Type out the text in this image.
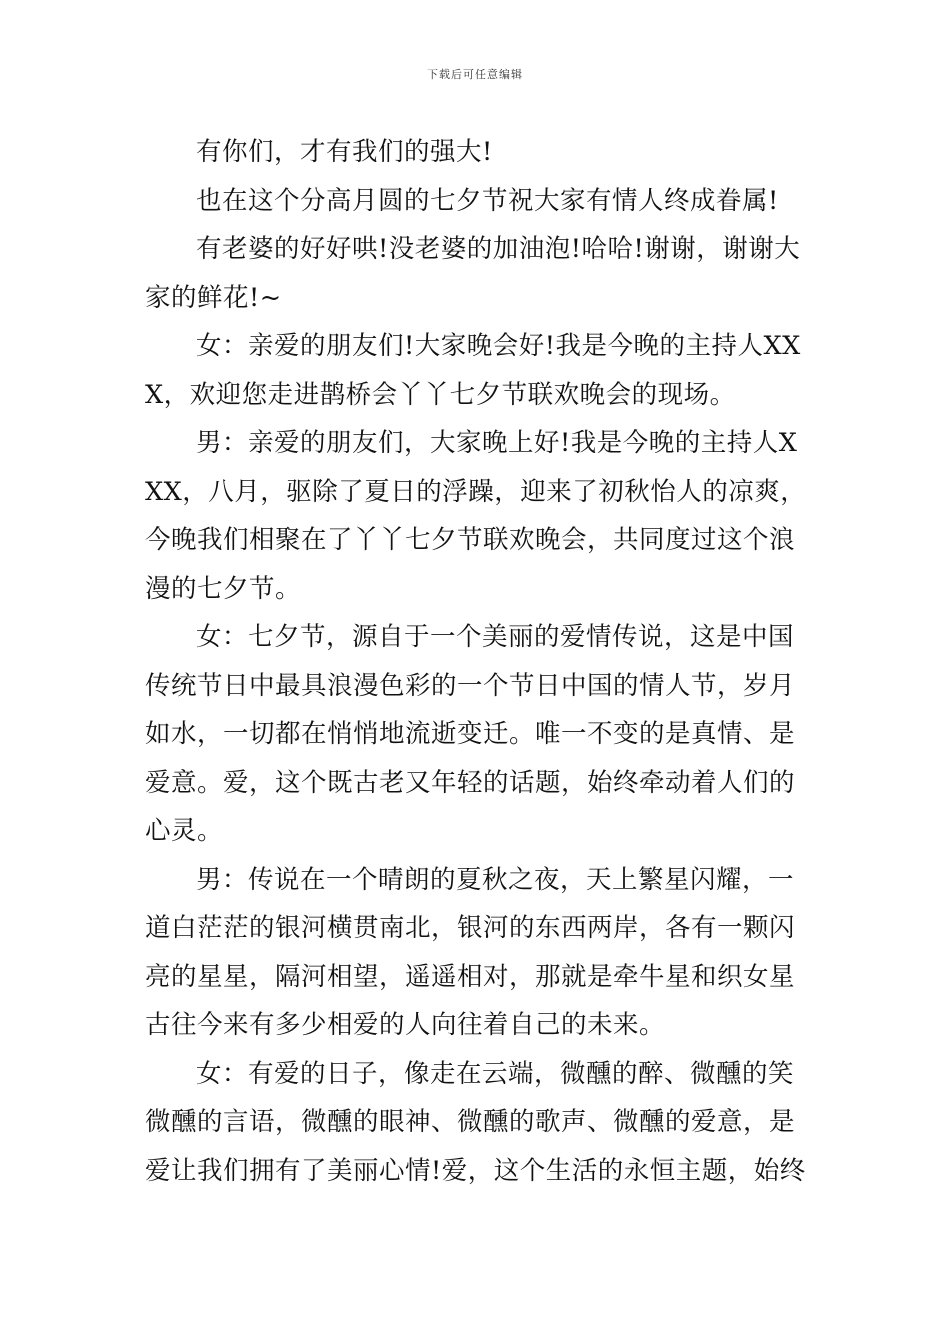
下载后可任意编辑

有你们，才有我们的强大!

也在这个分高月圆的七夕节祝大家有情人终成眷属!

有老婆的好好哄!没老婆的加油泡!哈哈!谢谢，谢谢大家的鲜花!~

女：亲爱的朋友们!大家晚会好!我是今晚的主持人XXX，欢迎您走进鹊桥会丫丫七夕节联欢晚会的现场。

男：亲爱的朋友们，大家晚上好!我是今晚的主持人XXX，八月，驱除了夏日的浮躁，迎来了初秋怡人的凉爽，今晚我们相聚在了丫丫七夕节联欢晚会，共同度过这个浪漫的七夕节。

女：七夕节，源自于一个美丽的爱情传说，这是中国传统节日中最具浪漫色彩的一个节日中国的情人节，岁月如水，一切都在悄悄地流逝变迁。唯一不变的是真情、是爱意。爱，这个既古老又年轻的话题，始终牵动着人们的心灵。

男：传说在一个晴朗的夏秋之夜，天上繁星闪耀，一道白茫茫的银河横贯南北，银河的东西两岸，各有一颗闪亮的星星，隔河相望，遥遥相对，那就是牵牛星和织女星古往今来有多少相爱的人向往着自己的未来。

女：有爱的日子，像走在云端，微醺的醉、微醺的笑微醺的言语，微醺的眼神、微醺的歌声、微醺的爱意，是爱让我们拥有了美丽心情!爱，这个生活的永恒主题，始终
